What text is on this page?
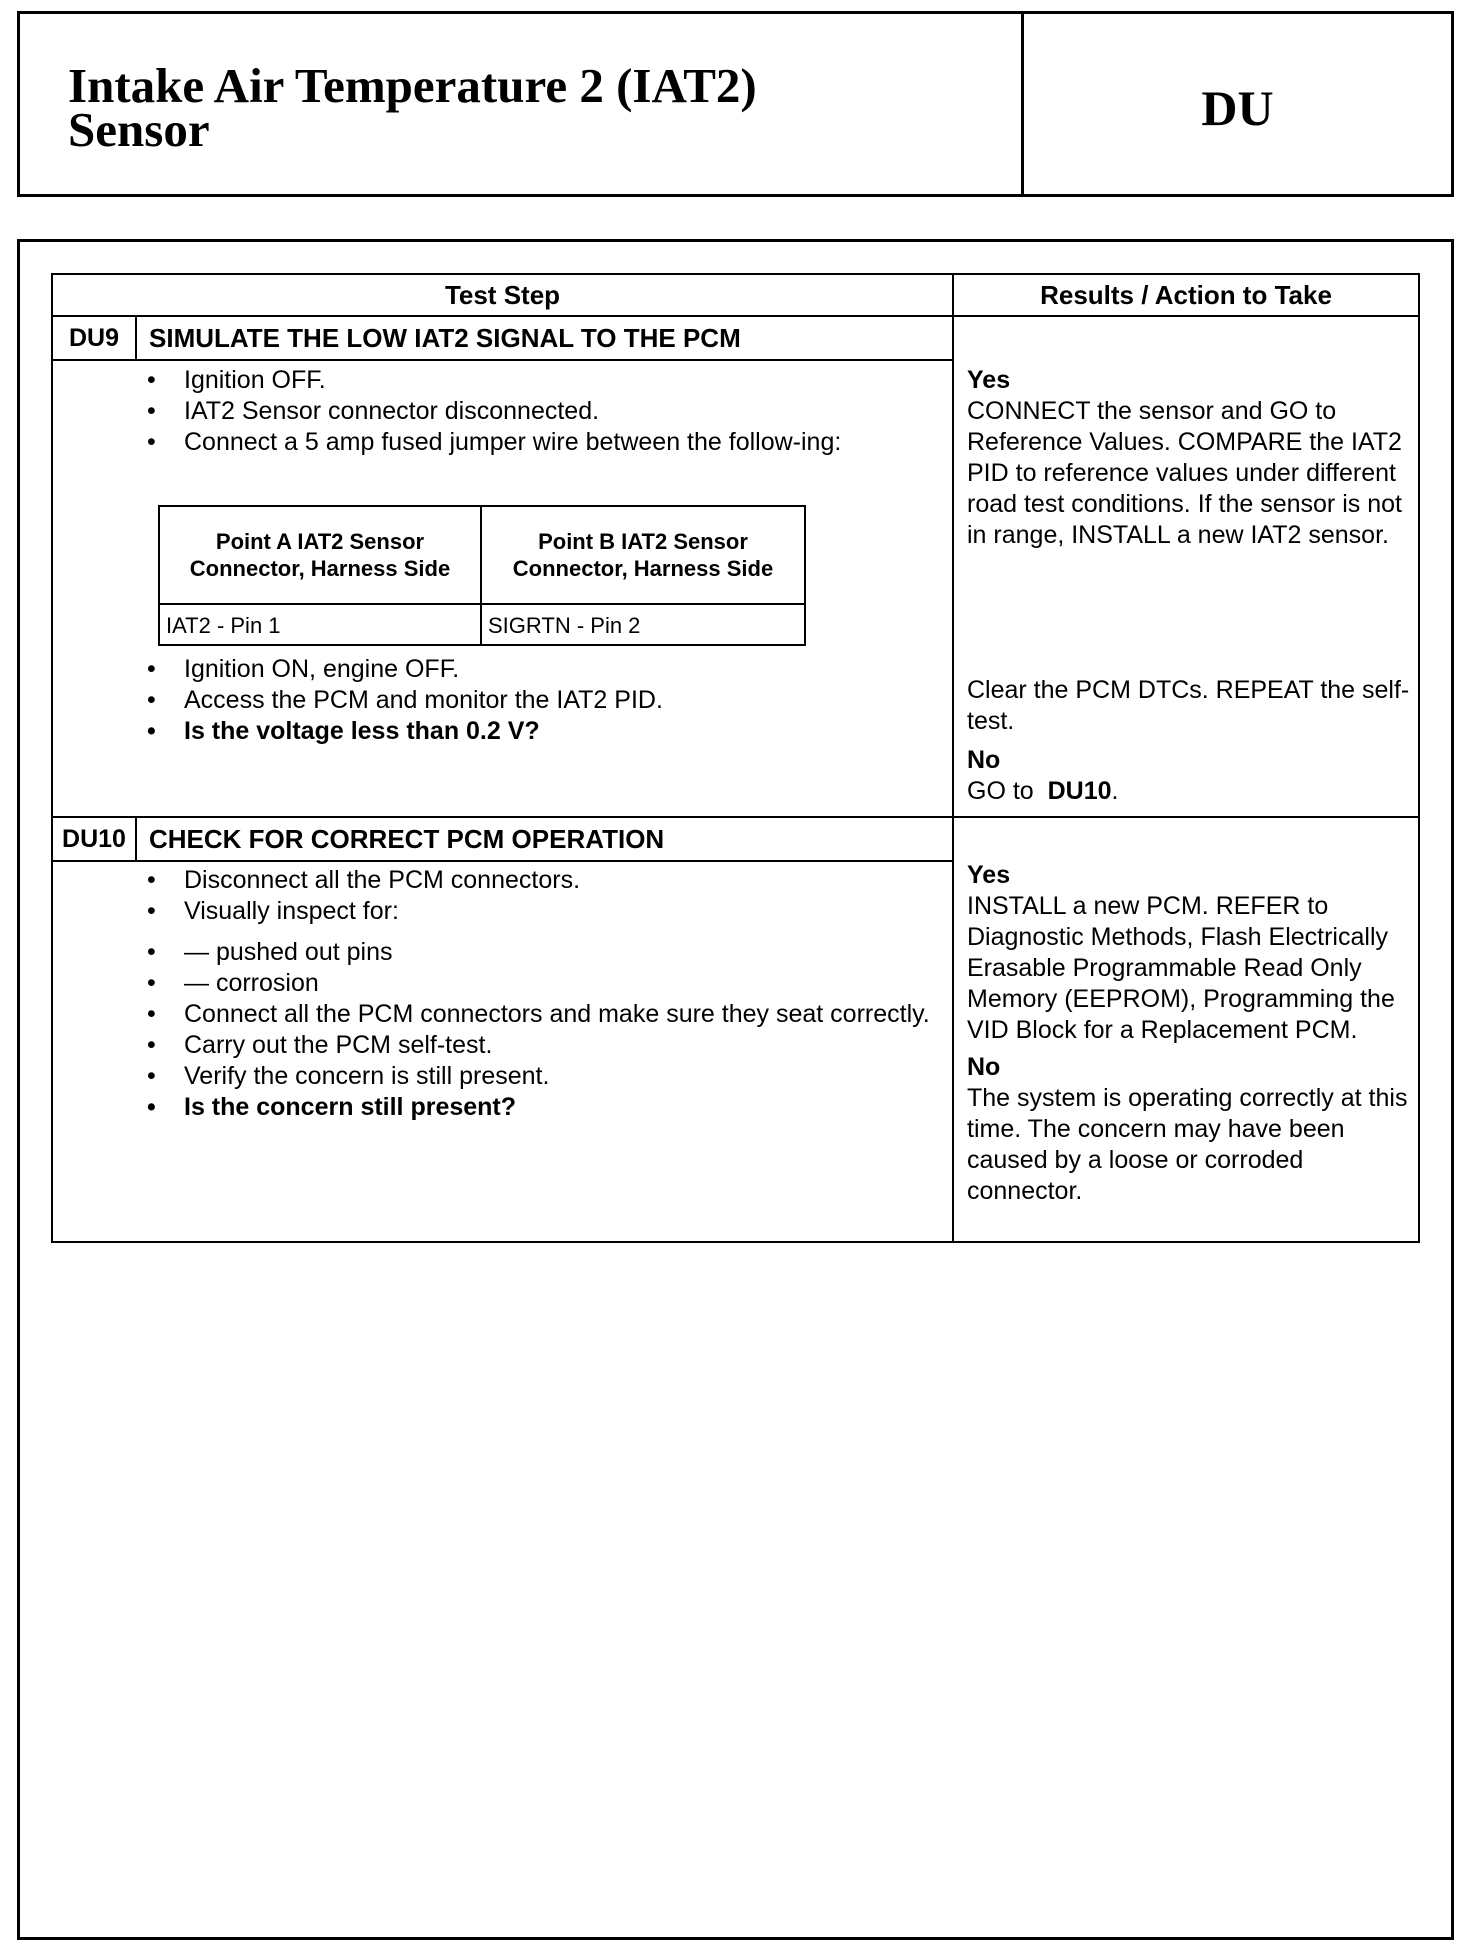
Intake Air Temperature 2 (IAT2)
Sensor	DU
Test Step	Results / Action to Take
DU9	SIMULATE THE LOW IAT2 SIGNAL TO THE PCM
• Ignition OFF.
• IAT2 Sensor connector disconnected.
• Connect a 5 amp fused jumper wire between the follow-ing:
Point A IAT2 Sensor Connector, Harness Side
Point B IAT2 Sensor Connector, Harness Side
IAT2 - Pin 1	SIGRTN - Pin 2
• Ignition ON, engine OFF.
• Access the PCM and monitor the IAT2 PID.
• Is the voltage less than 0.2 V?
Yes
CONNECT the sensor and GO to Reference Values. COMPARE the IAT2 PID to reference values under different road test conditions. If the sensor is not in range, INSTALL a new IAT2 sensor.
Clear the PCM DTCs. REPEAT the self-test.
No
GO to DU10.
DU10 CHECK FOR CORRECT PCM OPERATION
• Disconnect all the PCM connectors.
• Visually inspect for:
• — pushed out pins
• — corrosion
• Connect all the PCM connectors and make sure they seat correctly.
• Carry out the PCM self-test.
• Verify the concern is still present.
• Is the concern still present?
Yes
INSTALL a new PCM. REFER to Diagnostic Methods, Flash Electrically Erasable Programmable Read Only Memory (EEPROM), Programming the VID Block for a Replacement PCM.
No
The system is operating correctly at this time. The concern may have been caused by a loose or corroded connector.
